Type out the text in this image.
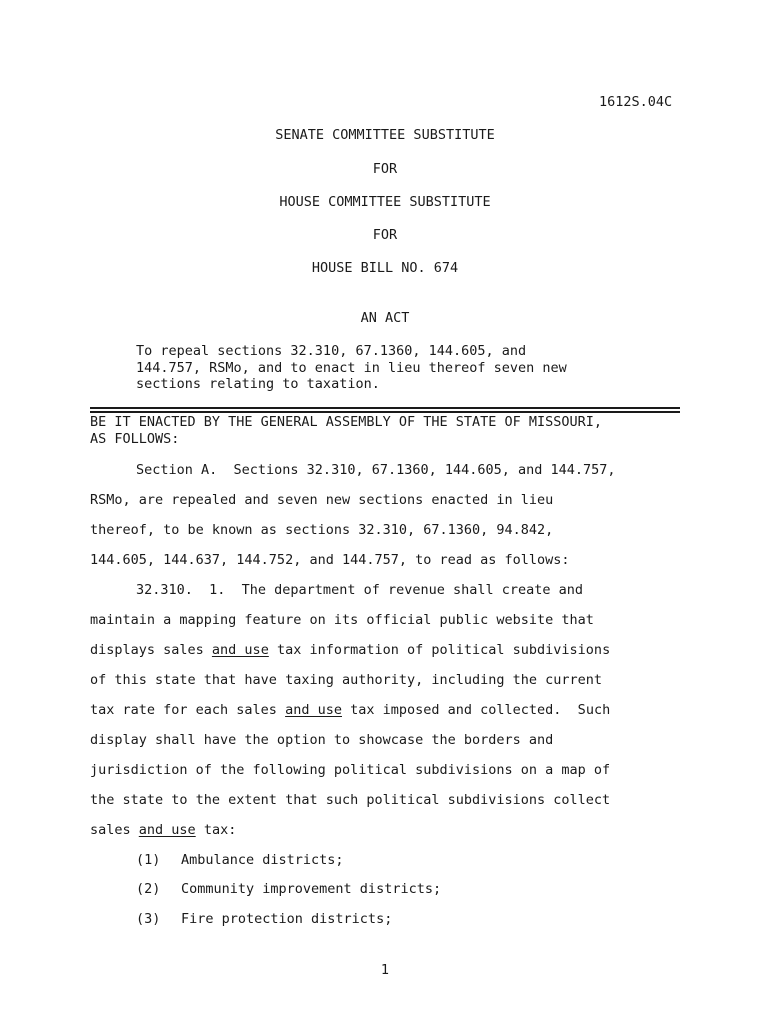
1612S.04C
SENATE COMMITTEE SUBSTITUTE
FOR
HOUSE COMMITTEE SUBSTITUTE
FOR
HOUSE BILL NO. 674
AN ACT
To repeal sections 32.310, 67.1360, 144.605, and
144.757, RSMo, and to enact in lieu thereof seven new
sections relating to taxation.
BE IT ENACTED BY THE GENERAL ASSEMBLY OF THE STATE OF MISSOURI,
AS FOLLOWS:
Section A.  Sections 32.310, 67.1360, 144.605, and 144.757,
RSMo, are repealed and seven new sections enacted in lieu
thereof, to be known as sections 32.310, 67.1360, 94.842,
144.605, 144.637, 144.752, and 144.757, to read as follows:
32.310.  1.  The department of revenue shall create and
maintain a mapping feature on its official public website that
displays sales and use tax information of political subdivisions
of this state that have taxing authority, including the current
tax rate for each sales and use tax imposed and collected.  Such
display shall have the option to showcase the borders and
jurisdiction of the following political subdivisions on a map of
the state to the extent that such political subdivisions collect
sales and use tax:
(1) Ambulance districts;
(2) Community improvement districts;
(3) Fire protection districts;
1
